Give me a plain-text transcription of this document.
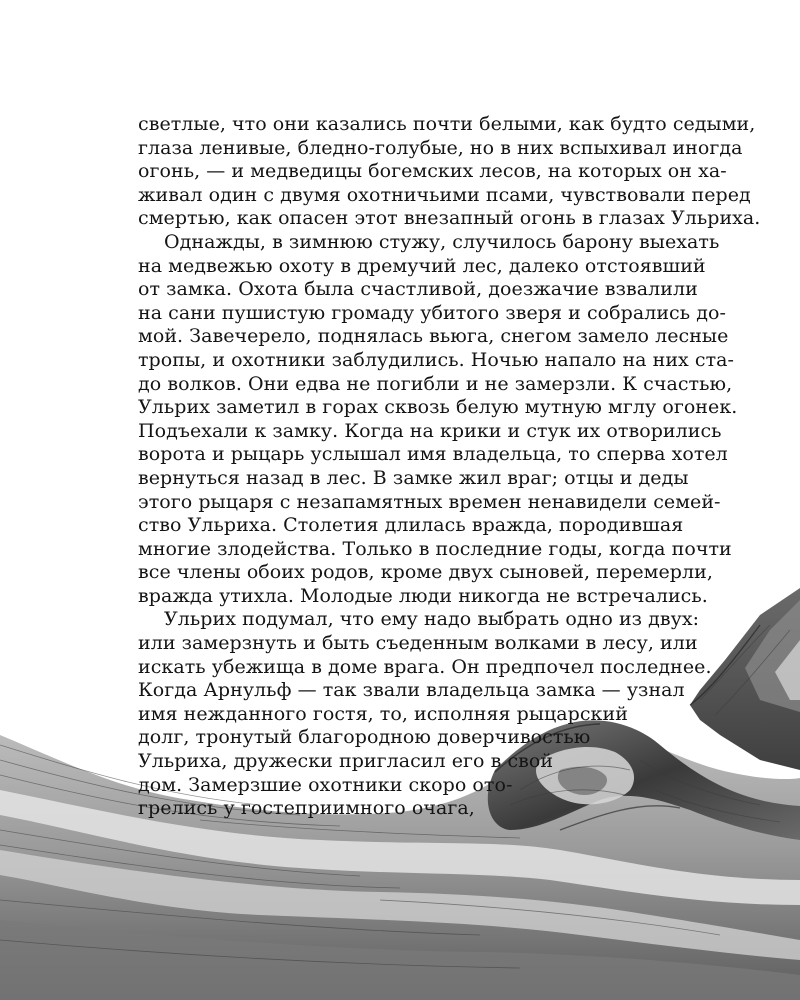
светлые, что они казались почти белыми, как будто седыми,
глаза ленивые, бледно-голубые, но в них вспыхивал иногда
огонь, — и медведицы богемских лесов, на которых он ха-
живал один с двумя охотничьими псами, чувствовали перед
смертью, как опасен этот внезапный огонь в глазах Ульриха.
Однажды, в зимнюю стужу, случилось барону выехать
на медвежью охоту в дремучий лес, далеко отстоявший
от замка. Охота была счастливой, доезжачие взвалили
на сани пушистую громаду убитого зверя и собрались до-
мой. Завечерело, поднялась вьюга, снегом замело лесные
тропы, и охотники заблудились. Ночью напало на них ста-
до волков. Они едва не погибли и не замерзли. К счастью,
Ульрих заметил в горах сквозь белую мутную мглу огонек.
Подъехали к замку. Когда на крики и стук их отворились
ворота и рыцарь услышал имя владельца, то сперва хотел
вернуться назад в лес. В замке жил враг; отцы и деды
этого рыцаря с незапамятных времен ненавидели семей-
ство Ульриха. Столетия длилась вражда, породившая
многие злодейства. Только в последние годы, когда почти
все члены обоих родов, кроме двух сыновей, перемерли,
вражда утихла. Молодые люди никогда не встречались.
Ульрих подумал, что ему надо выбрать одно из двух:
или замерзнуть и быть съеденным волками в лесу, или
искать убежища в доме врага. Он предпочел последнее.
Когда Арнульф — так звали владельца замка — узнал
имя нежданного гостя, то, исполняя рыцарский
долг, тронутый благородною доверчивостью
Ульриха, дружески пригласил его в свой
дом. Замерзшие охотники скоро ото-
грелись у гостеприимного очага,
